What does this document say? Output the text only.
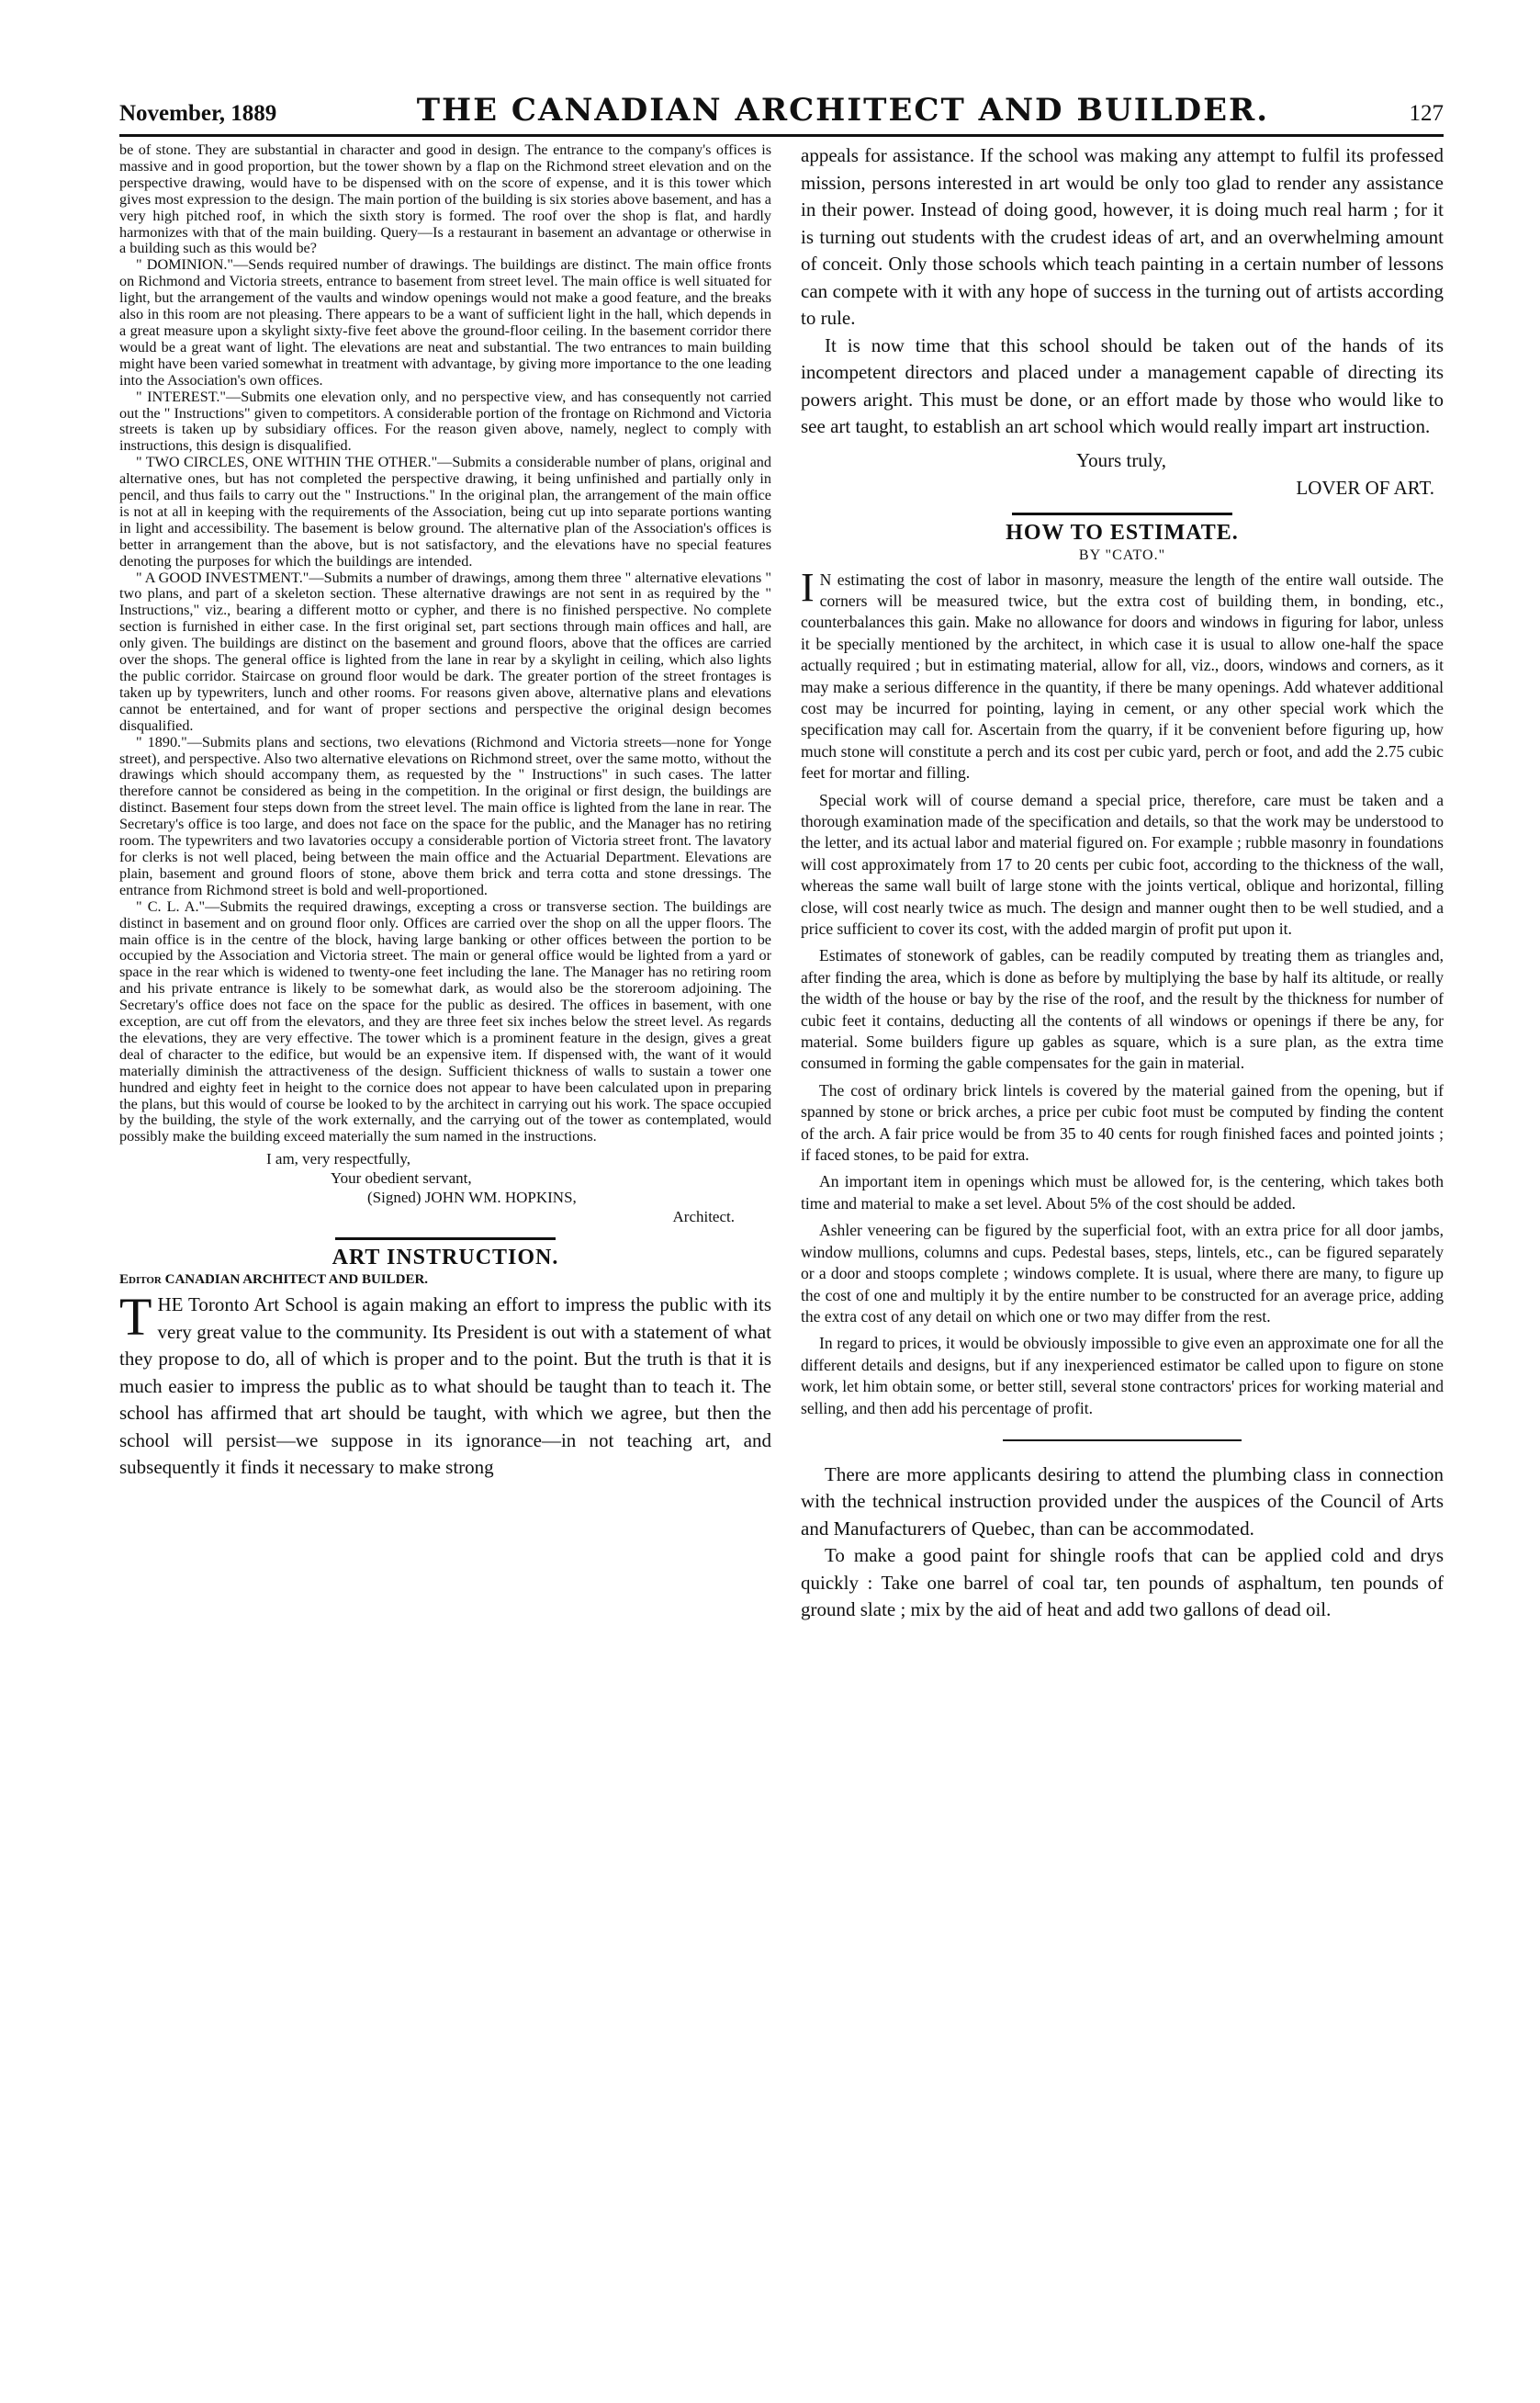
November, 1889	THE CANADIAN ARCHITECT AND BUILDER.	127

be of stone. They are substantial in character and good in design. The entrance to the company's offices is massive and in good proportion, but the tower shown by a flap on the Richmond street elevation and on the perspective drawing, would have to be dispensed with on the score of expense, and it is this tower which gives most expression to the design. The main portion of the building is six stories above basement, and has a very high pitched roof, in which the sixth story is formed. The roof over the shop is flat, and hardly harmonizes with that of the main building. Query—Is a restaurant in basement an advantage or otherwise in a building such as this would be?

" DOMINION."—Sends required number of drawings. The buildings are distinct. The main office fronts on Richmond and Victoria streets, entrance to basement from street level. The main office is well situated for light, but the arrangement of the vaults and window openings would not make a good feature, and the breaks also in this room are not pleasing. There appears to be a want of sufficient light in the hall, which depends in a great measure upon a skylight sixty-five feet above the ground-floor ceiling. In the basement corridor there would be a great want of light. The elevations are neat and substantial. The two entrances to main building might have been varied somewhat in treatment with advantage, by giving more importance to the one leading into the Association's own offices.

" INTEREST."—Submits one elevation only, and no perspective view, and has consequently not carried out the " Instructions" given to competitors. A considerable portion of the frontage on Richmond and Victoria streets is taken up by subsidiary offices. For the reason given above, namely, neglect to comply with instructions, this design is disqualified.

" TWO CIRCLES, ONE WITHIN THE OTHER."—Submits a considerable number of plans, original and alternative ones, but has not completed the perspective drawing, it being unfinished and partially only in pencil, and thus fails to carry out the " Instructions." In the original plan, the arrangement of the main office is not at all in keeping with the requirements of the Association, being cut up into separate portions wanting in light and accessibility. The basement is below ground. The alternative plan of the Association's offices is better in arrangement than the above, but is not satisfactory, and the elevations have no special features denoting the purposes for which the buildings are intended.

" A GOOD INVESTMENT."—Submits a number of drawings, among them three " alternative elevations " two plans, and part of a skeleton section. These alternative drawings are not sent in as required by the " Instructions," viz., bearing a different motto or cypher, and there is no finished perspective. No complete section is furnished in either case. In the first original set, part sections through main offices and hall, are only given. The buildings are distinct on the basement and ground floors, above that the offices are carried over the shops. The general office is lighted from the lane in rear by a skylight in ceiling, which also lights the public corridor. Staircase on ground floor would be dark. The greater portion of the street frontages is taken up by typewriters, lunch and other rooms. For reasons given above, alternative plans and elevations cannot be entertained, and for want of proper sections and perspective the original design becomes disqualified.

" 1890."—Submits plans and sections, two elevations (Richmond and Victoria streets—none for Yonge street), and perspective. Also two alternative elevations on Richmond street, over the same motto, without the drawings which should accompany them, as requested by the " Instructions" in such cases. The latter therefore cannot be considered as being in the competition. In the original or first design, the buildings are distinct. Basement four steps down from the street level. The main office is lighted from the lane in rear. The Secretary's office is too large, and does not face on the space for the public, and the Manager has no retiring room. The typewriters and two lavatories occupy a considerable portion of Victoria street front. The lavatory for clerks is not well placed, being between the main office and the Actuarial Department. Elevations are plain, basement and ground floors of stone, above them brick and terra cotta and stone dressings. The entrance from Richmond street is bold and well-proportioned.

" C. L. A."—Submits the required drawings, excepting a cross or transverse section. The buildings are distinct in basement and on ground floor only. Offices are carried over the shop on all the upper floors. The main office is in the centre of the block, having large banking or other offices between the portion to be occupied by the Association and Victoria street. The main or general office would be lighted from a yard or space in the rear which is widened to twenty-one feet including the lane. The Manager has no retiring room and his private entrance is likely to be somewhat dark, as would also be the storeroom adjoining. The Secretary's office does not face on the space for the public as desired. The offices in basement, with one exception, are cut off from the elevators, and they are three feet six inches below the street level. As regards the elevations, they are very effective. The tower which is a prominent feature in the design, gives a great deal of character to the edifice, but would be an expensive item. If dispensed with, the want of it would materially diminish the attractiveness of the design. Sufficient thickness of walls to sustain a tower one hundred and eighty feet in height to the cornice does not appear to have been calculated upon in preparing the plans, but this would of course be looked to by the architect in carrying out his work. The space occupied by the building, the style of the work externally, and the carrying out of the tower as contemplated, would possibly make the building exceed materially the sum named in the instructions.

I am, very respectfully,
Your obedient servant,
(Signed) JOHN WM. HOPKINS,
Architect.
ART INSTRUCTION.
Editor CANADIAN ARCHITECT AND BUILDER.

THE Toronto Art School is again making an effort to impress the public with its very great value to the community. Its President is out with a statement of what they propose to do, all of which is proper and to the point. But the truth is that it is much easier to impress the public as to what should be taught than to teach it. The school has affirmed that art should be taught, with which we agree, but then the school will persist—we suppose in its ignorance—in not teaching art, and subsequently it finds it necessary to make strong

appeals for assistance. If the school was making any attempt to fulfil its professed mission, persons interested in art would be only too glad to render any assistance in their power. Instead of doing good, however, it is doing much real harm ; for it is turning out students with the crudest ideas of art, and an overwhelming amount of conceit. Only those schools which teach painting in a certain number of lessons can compete with it with any hope of success in the turning out of artists according to rule.

It is now time that this school should be taken out of the hands of its incompetent directors and placed under a management capable of directing its powers aright. This must be done, or an effort made by those who would like to see art taught, to establish an art school which would really impart art instruction.

Yours truly,
LOVER OF ART.
HOW TO ESTIMATE.
BY "CATO."

I N estimating the cost of labor in masonry, measure the length of the entire wall outside. The corners will be measured twice, but the extra cost of building them, in bonding, etc., counterbalances this gain. Make no allowance for doors and windows in figuring for labor, unless it be specially mentioned by the architect, in which case it is usual to allow one-half the space actually required ; but in estimating material, allow for all, viz., doors, windows and corners, as it may make a serious difference in the quantity, if there be many openings. Add whatever additional cost may be incurred for pointing, laying in cement, or any other special work which the specification may call for. Ascertain from the quarry, if it be convenient before figuring up, how much stone will constitute a perch and its cost per cubic yard, perch or foot, and add the 2.75 cubic feet for mortar and filling.

Special work will of course demand a special price, therefore, care must be taken and a thorough examination made of the specification and details, so that the work may be understood to the letter, and its actual labor and material figured on. For example ; rubble masonry in foundations will cost approximately from 17 to 20 cents per cubic foot, according to the thickness of the wall, whereas the same wall built of large stone with the joints vertical, oblique and horizontal, filling close, will cost nearly twice as much. The design and manner ought then to be well studied, and a price sufficient to cover its cost, with the added margin of profit put upon it.

Estimates of stonework of gables, can be readily computed by treating them as triangles and, after finding the area, which is done as before by multiplying the base by half its altitude, or really the width of the house or bay by the rise of the roof, and the result by the thickness for number of cubic feet it contains, deducting all the contents of all windows or openings if there be any, for material. Some builders figure up gables as square, which is a sure plan, as the extra time consumed in forming the gable compensates for the gain in material.

The cost of ordinary brick lintels is covered by the material gained from the opening, but if spanned by stone or brick arches, a price per cubic foot must be computed by finding the content of the arch. A fair price would be from 35 to 40 cents for rough finished faces and pointed joints ; if faced stones, to be paid for extra.

An important item in openings which must be allowed for, is the centering, which takes both time and material to make a set level. About 5% of the cost should be added.

Ashler veneering can be figured by the superficial foot, with an extra price for all door jambs, window mullions, columns and cups. Pedestal bases, steps, lintels, etc., can be figured separately or a door and stoops complete ; windows complete. It is usual, where there are many, to figure up the cost of one and multiply it by the entire number to be constructed for an average price, adding the extra cost of any detail on which one or two may differ from the rest.

In regard to prices, it would be obviously impossible to give even an approximate one for all the different details and designs, but if any inexperienced estimator be called upon to figure on stone work, let him obtain some, or better still, several stone contractors' prices for working material and selling, and then add his percentage of profit.

There are more applicants desiring to attend the plumbing class in connection with the technical instruction provided under the auspices of the Council of Arts and Manufacturers of Quebec, than can be accommodated.

To make a good paint for shingle roofs that can be applied cold and drys quickly : Take one barrel of coal tar, ten pounds of asphaltum, ten pounds of ground slate ; mix by the aid of heat and add two gallons of dead oil.
